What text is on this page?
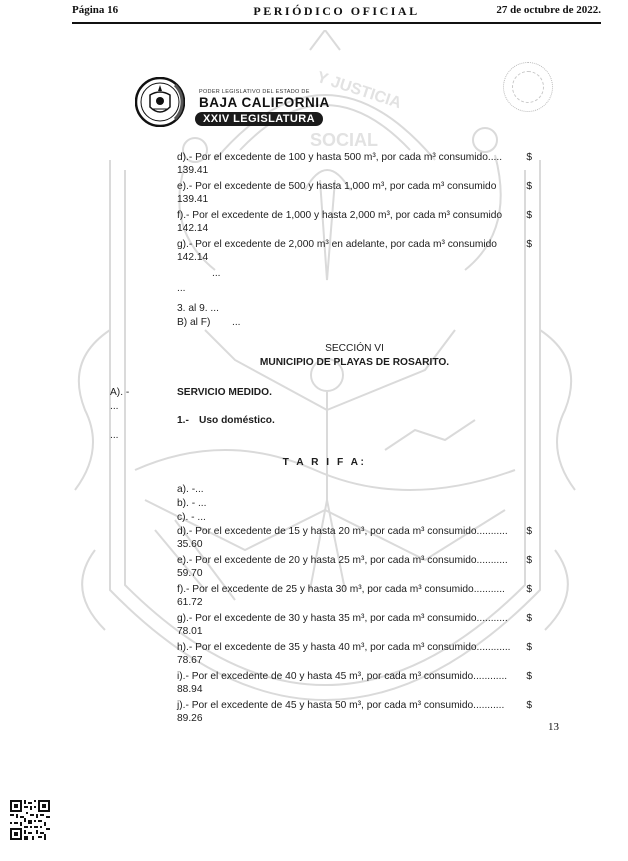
Página 16	PERIÓDICO OFICIAL	27 de octubre de 2022.
Y JUSTICIA
SOCIAL
PODER LEGISLATIVO DEL ESTADO DE
BAJA CALIFORNIA
XXIV LEGISLATURA
d).- Por el excedente de 100 y hasta 500 m³, por cada m³ consumido..... $
139.41
e).- Por el excedente de 500 y hasta 1,000 m³, por cada m³ consumido	$
139.41
f).- Por el excedente de 1,000 y hasta 2,000 m³, por cada m³ consumido $
142.14
g).- Por el excedente de 2,000 m³ en adelante, por cada m³ consumido	$
142.14
...
...
3. al 9. ...
B) al F) ...
SECCIÓN VI
MUNICIPIO DE PLAYAS DE ROSARITO.
A). -
...
...
SERVICIO MEDIDO.
1.- Uso doméstico.
T A R I F A:
a). -...
b). - ...
c). - ...
d).- Por el excedente de 15 y hasta 20 m³, por cada m³ consumido........... $
35.60
e).- Por el excedente de 20 y hasta 25 m³, por cada m³ consumido........... $
59.70
f).- Por el excedente de 25 y hasta 30 m³, por cada m³ consumido........... $
61.72
g).- Por el excedente de 30 y hasta 35 m³, por cada m³ consumido........... $
78.01
h).- Por el excedente de 35 y hasta 40 m³, por cada m³ consumido............ $
78.67
i).- Por el excedente de 40 y hasta 45 m³, por cada m³ consumido............ $
88.94
j).- Por el excedente de 45 y hasta 50 m³, por cada m³ consumido........... $
89.26
13
